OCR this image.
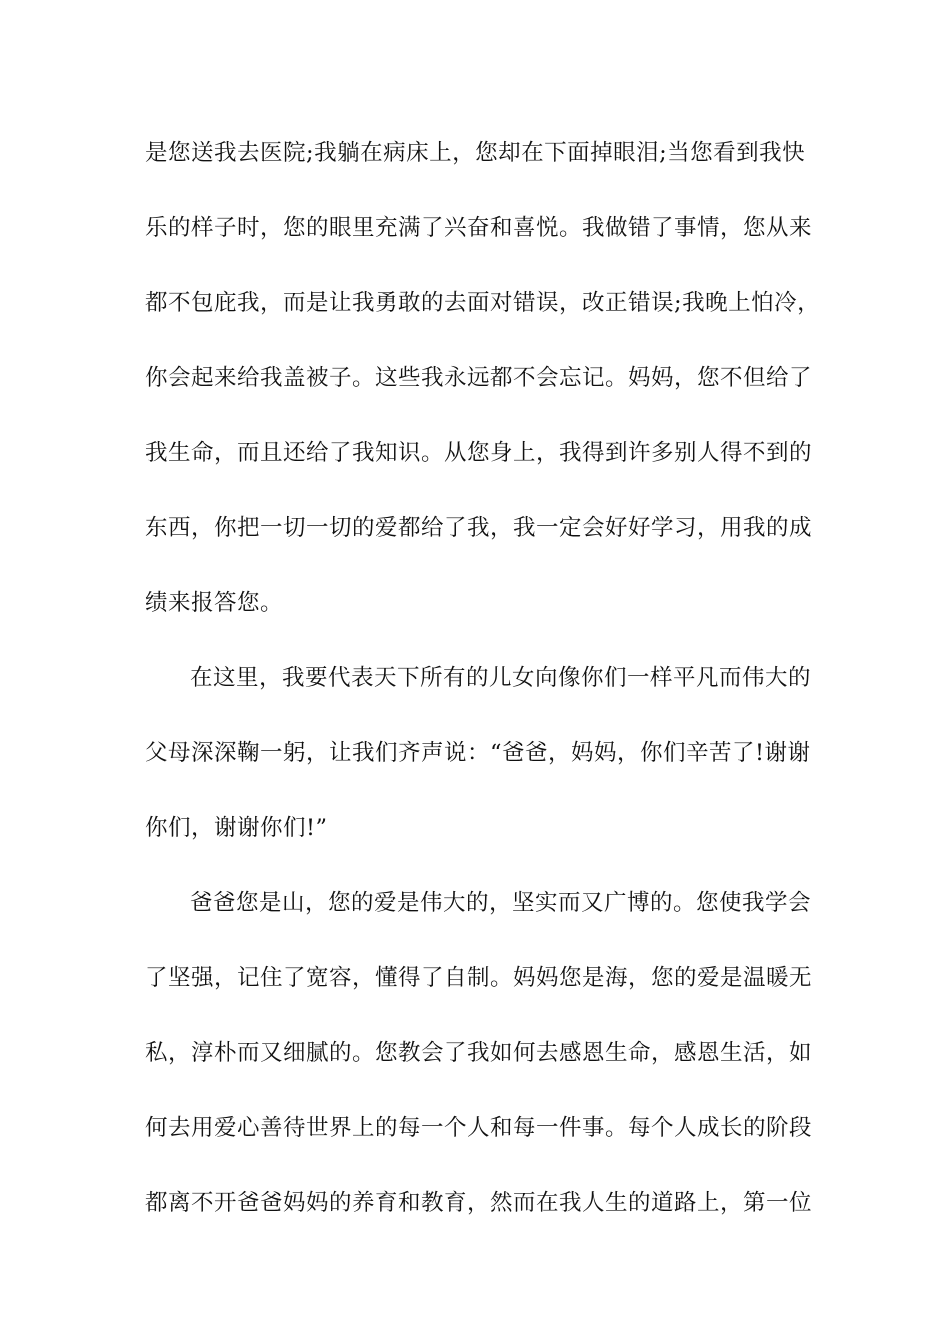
是您送我去医院;我躺在病床上，您却在下面掉眼泪;当您看到我快
乐的样子时，您的眼里充满了兴奋和喜悦。我做错了事情，您从来
都不包庇我，而是让我勇敢的去面对错误，改正错误;我晚上怕冷，
你会起来给我盖被子。这些我永远都不会忘记。妈妈，您不但给了
我生命，而且还给了我知识。从您身上，我得到许多别人得不到的
东西，你把一切一切的爱都给了我，我一定会好好学习，用我的成
绩来报答您。
在这里，我要代表天下所有的儿女向像你们一样平凡而伟大的
父母深深鞠一躬，让我们齐声说：“爸爸，妈妈，你们辛苦了!谢谢
你们，谢谢你们!”
爸爸您是山，您的爱是伟大的，坚实而又广博的。您使我学会
了坚强，记住了宽容，懂得了自制。妈妈您是海，您的爱是温暖无
私，淳朴而又细腻的。您教会了我如何去感恩生命，感恩生活，如
何去用爱心善待世界上的每一个人和每一件事。每个人成长的阶段
都离不开爸爸妈妈的养育和教育，然而在我人生的道路上，第一位
